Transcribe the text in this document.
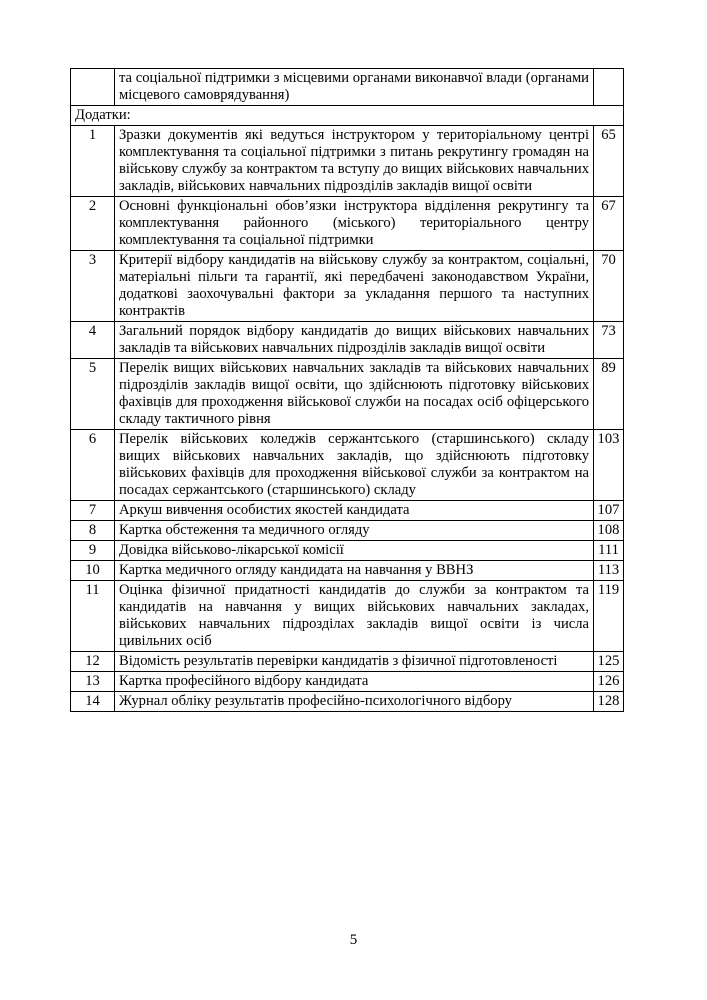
	та соціальної підтримки з місцевими органами виконавчої влади (органами місцевого самоврядування)	
Додатки:		
1	Зразки документів які ведуться інструктором у територіальному центрі комплектування та соціальної підтримки з питань рекрутингу громадян на військову службу за контрактом та вступу до вищих військових навчальних закладів, військових навчальних підрозділів закладів вищої освіти	65
2	Основні функціональні обов’язки інструктора відділення рекрутингу та комплектування районного (міського) територіального центру комплектування та соціальної підтримки	67
3	Критерії відбору кандидатів на військову службу за контрактом, соціальні, матеріальні пільги та гарантії, які передбачені законодавством України, додаткові заохочувальні фактори за укладання першого та наступних контрактів	70
4	Загальний порядок відбору кандидатів до вищих військових навчальних закладів та військових навчальних підрозділів закладів вищої освіти	73
5	Перелік вищих військових навчальних закладів та військових навчальних підрозділів закладів вищої освіти, що здійснюють підготовку військових фахівців для проходження військової служби на посадах осіб офіцерського складу тактичного рівня	89
6	Перелік військових коледжів сержантського (старшинського) складу вищих військових навчальних закладів, що здійснюють підготовку військових фахівців для проходження військової служби за контрактом на посадах сержантського (старшинського) складу	103
7	Аркуш вивчення особистих якостей кандидата	107
8	Картка обстеження та медичного огляду	108
9	Довідка військово-лікарської комісії	111
10	Картка медичного огляду кандидата на навчання у ВВНЗ	113
11	Оцінка фізичної придатності кандидатів до служби за контрактом та кандидатів на навчання у вищих військових навчальних закладах, військових навчальних підрозділах закладів вищої освіти із числа цивільних осіб	119
12	Відомість результатів перевірки кандидатів з фізичної підготовленості	125
13	Картка професійного відбору кандидата	126
14	Журнал обліку результатів професійно-психологічного відбору	128
5
